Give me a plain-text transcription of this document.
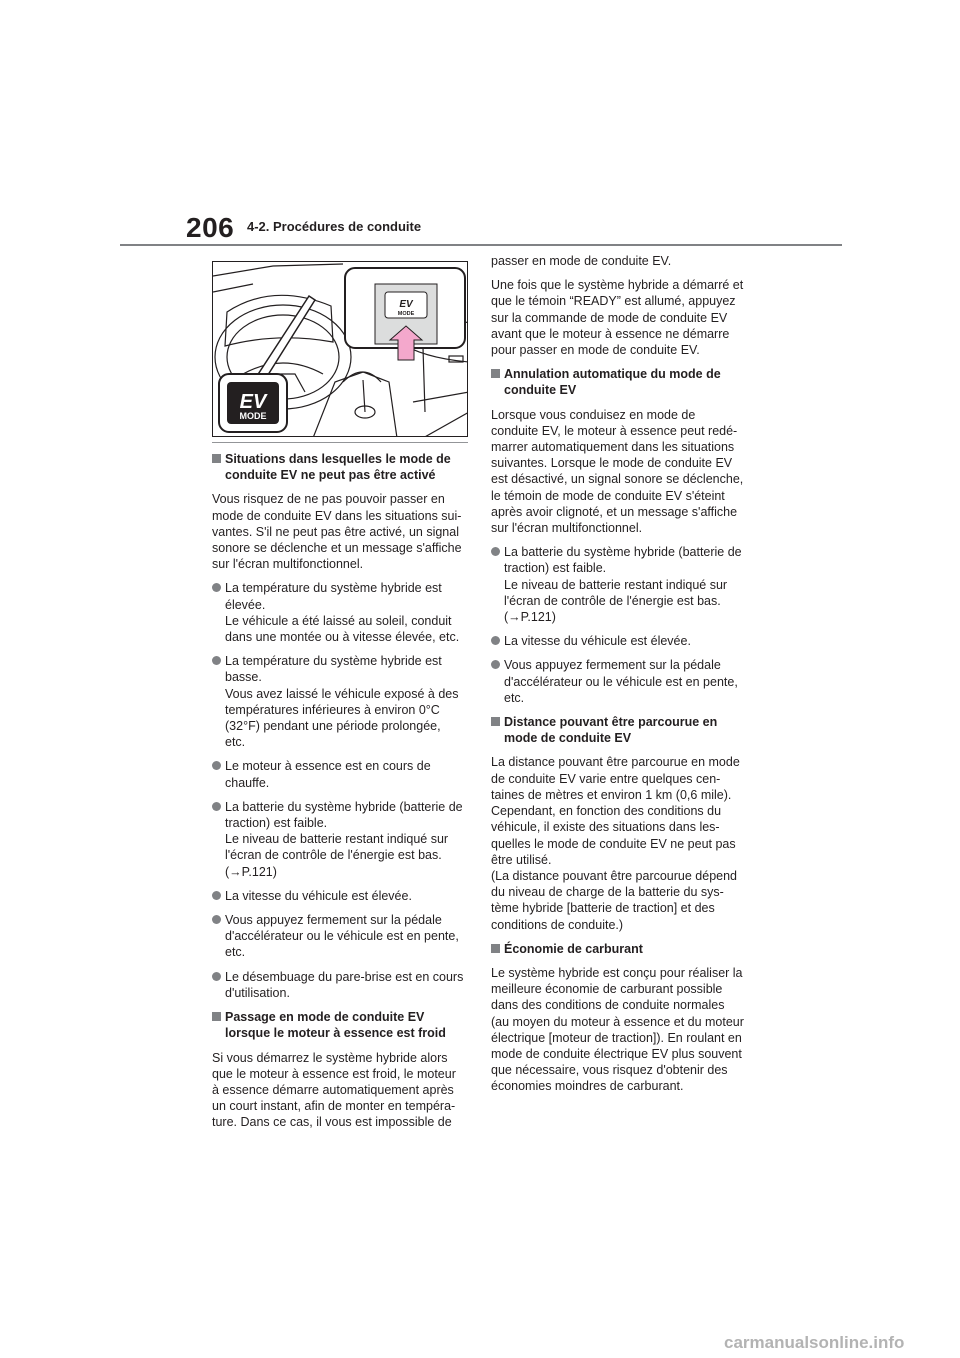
206 4-2. Procédures de conduite
EV
MODE
EV
MODE
Situations dans lesquelles le mode de
conduite EV ne peut pas être activé

Vous risquez de ne pas pouvoir passer en
mode de conduite EV dans les situations sui-
vantes. S'il ne peut pas être activé, un signal
sonore se déclenche et un message s'affiche
sur l'écran multifonctionnel.

La température du système hybride est
élevée.
Le véhicule a été laissé au soleil, conduit
dans une montée ou à vitesse élevée, etc.
La température du système hybride est
basse.
Vous avez laissé le véhicule exposé à des
températures inférieures à environ 0°C
(32°F) pendant une période prolongée,
etc.
Le moteur à essence est en cours de
chauffe.
La batterie du système hybride (batterie de
traction) est faible.
Le niveau de batterie restant indiqué sur
l'écran de contrôle de l'énergie est bas.
(→P.121)
La vitesse du véhicule est élevée.
Vous appuyez fermement sur la pédale
d'accélérateur ou le véhicule est en pente,
etc.
Le désembuage du pare-brise est en cours
d'utilisation.
Passage en mode de conduite EV
lorsque le moteur à essence est froid

Si vous démarrez le système hybride alors
que le moteur à essence est froid, le moteur
à essence démarre automatiquement après
un court instant, afin de monter en tempéra-
ture. Dans ce cas, il vous est impossible de

passer en mode de conduite EV.

Une fois que le système hybride a démarré et
que le témoin “READY” est allumé, appuyez
sur la commande de mode de conduite EV
avant que le moteur à essence ne démarre
pour passer en mode de conduite EV.

Annulation automatique du mode de
conduite EV

Lorsque vous conduisez en mode de
conduite EV, le moteur à essence peut redé-
marrer automatiquement dans les situations
suivantes. Lorsque le mode de conduite EV
est désactivé, un signal sonore se déclenche,
le témoin de mode de conduite EV s'éteint
après avoir clignoté, et un message s'affiche
sur l'écran multifonctionnel.

La batterie du système hybride (batterie de
traction) est faible.
Le niveau de batterie restant indiqué sur
l'écran de contrôle de l'énergie est bas.
(→P.121)
La vitesse du véhicule est élevée.
Vous appuyez fermement sur la pédale
d'accélérateur ou le véhicule est en pente,
etc.
Distance pouvant être parcourue en
mode de conduite EV

La distance pouvant être parcourue en mode
de conduite EV varie entre quelques cen-
taines de mètres et environ 1 km (0,6 mile).
Cependant, en fonction des conditions du
véhicule, il existe des situations dans les-
quelles le mode de conduite EV ne peut pas
être utilisé.
(La distance pouvant être parcourue dépend
du niveau de charge de la batterie du sys-
tème hybride [batterie de traction] et des
conditions de conduite.)

Économie de carburant

Le système hybride est conçu pour réaliser la
meilleure économie de carburant possible
dans des conditions de conduite normales
(au moyen du moteur à essence et du moteur
électrique [moteur de traction]). En roulant en
mode de conduite électrique EV plus souvent
que nécessaire, vous risquez d'obtenir des
économies moindres de carburant.

carmanualsonline.info
